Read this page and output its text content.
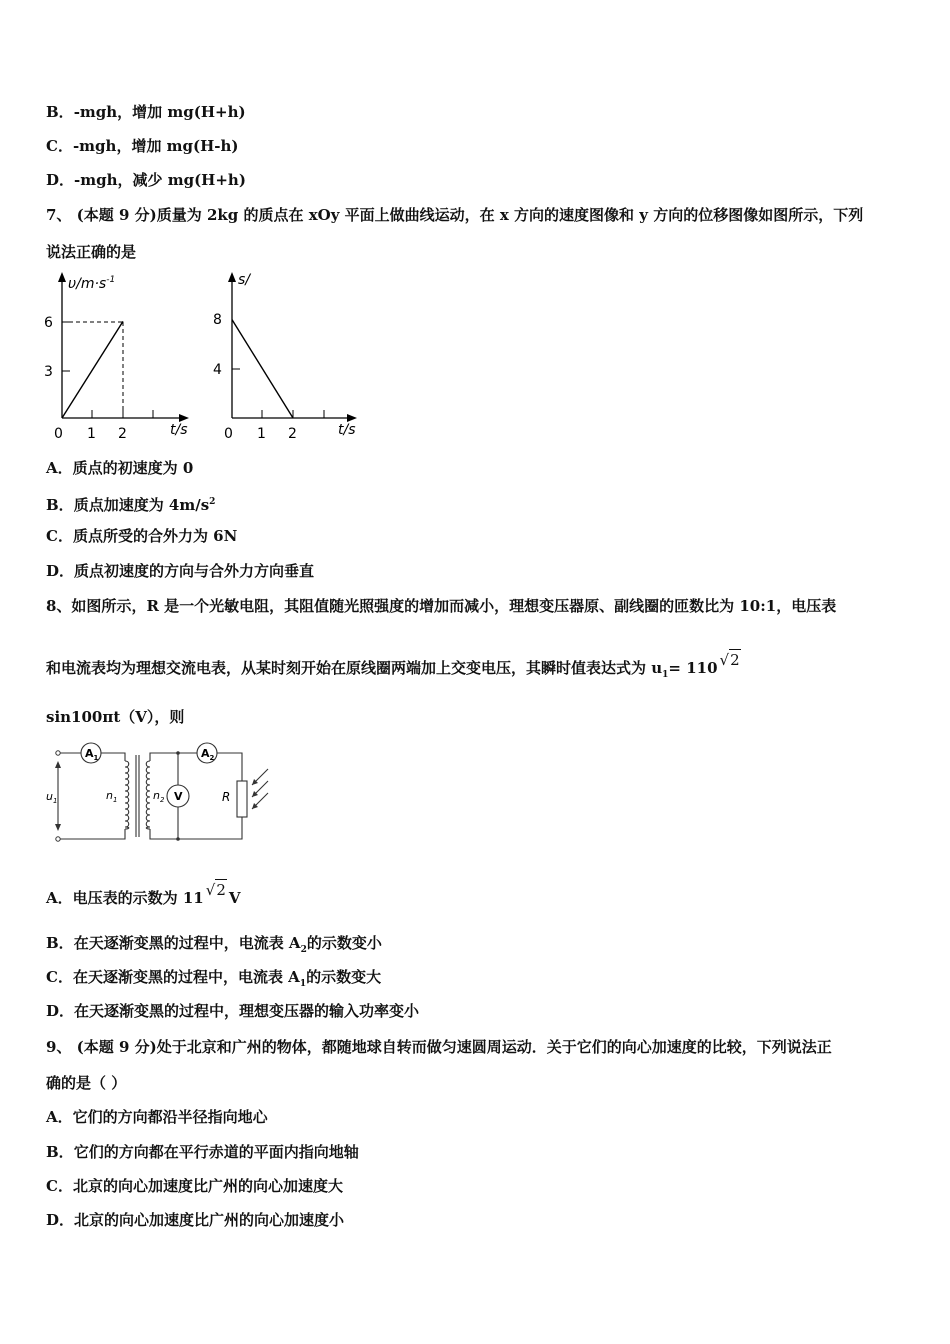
B．-mgh，增加 mg(H+h)
C．-mgh，增加 mg(H-h)
D．-mgh，减少 mg(H+h)
7、 (本题 9 分)质量为 2kg 的质点在 xOy 平面上做曲线运动，在 x 方向的速度图像和 y 方向的位移图像如图所示，下列
说法正确的是
$\upsilon/m\cdot s^{-1}$
6
3
0 1 2	t/s
s/
8
4
0 1 2	t/s
A．质点的初速度为 0
B．质点加速度为 $4m/s^2$
C．质点所受的合外力为 6N
D．质点初速度的方向与合外力方向垂直
8、如图所示，R 是一个光敏电阻，其阻值随光照强度的增加而减小，理想变压器原、副线圈的匝数比为 10:1，电压表
和电流表均为理想交流电表，从某时刻开始在原线圈两端加上交变电压，其瞬时值表达式为 $u_1= 110$ √2
sin100πt（V），则
$A_1$	$A_2$
V
$u_1$	$n_1$	$n_2$	R
A．电压表的示数为 11 √2 V
B．在天逐渐变黑的过程中，电流表 $A_2$的示数变小
C．在天逐渐变黑的过程中，电流表 $A_1$的示数变大
D．在天逐渐变黑的过程中，理想变压器的输入功率变小
9、 (本题 9 分)处于北京和广州的物体，都随地球自转而做匀速圆周运动．关于它们的向心加速度的比较，下列说法正
确的是（ ）
A．它们的方向都沿半径指向地心
B．它们的方向都在平行赤道的平面内指向地轴
C．北京的向心加速度比广州的向心加速度大
D．北京的向心加速度比广州的向心加速度小
